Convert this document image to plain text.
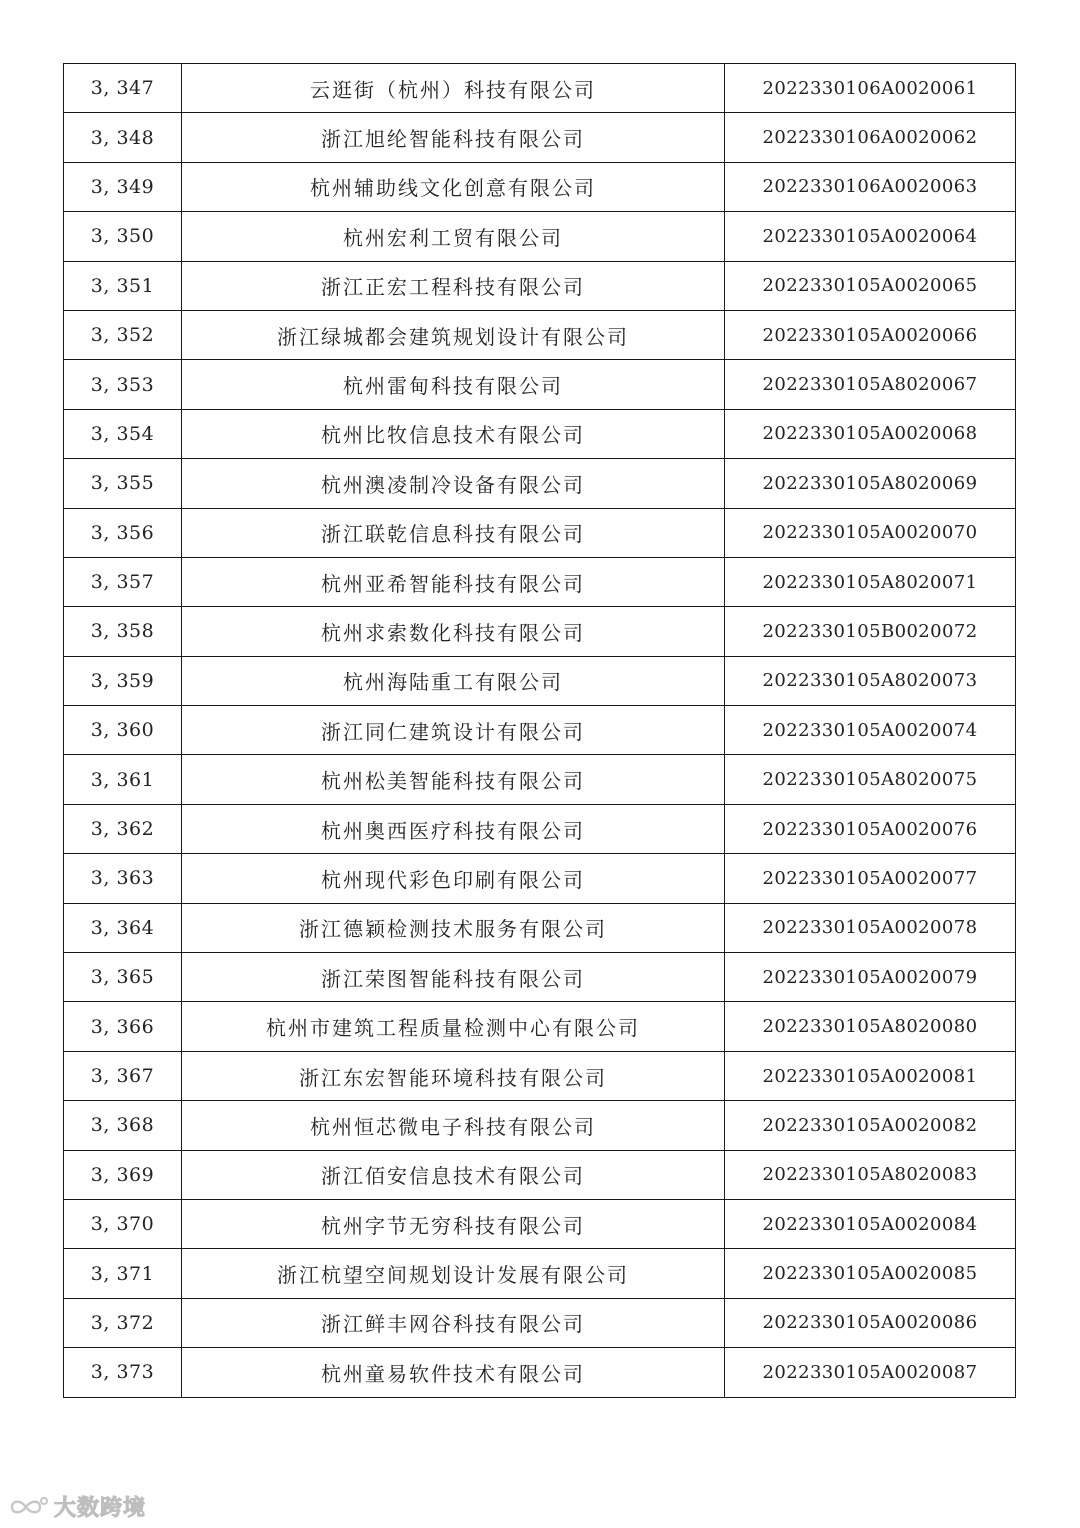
3, 347	云逛街（杭州）科技有限公司	2022330106A0020061
3, 348	浙江旭纶智能科技有限公司	2022330106A0020062
3, 349	杭州辅助线文化创意有限公司	2022330106A0020063
3, 350	杭州宏利工贸有限公司	2022330105A0020064
3, 351	浙江正宏工程科技有限公司	2022330105A0020065
3, 352	浙江绿城都会建筑规划设计有限公司	2022330105A0020066
3, 353	杭州雷甸科技有限公司	2022330105A8020067
3, 354	杭州比牧信息技术有限公司	2022330105A0020068
3, 355	杭州澳凌制冷设备有限公司	2022330105A8020069
3, 356	浙江联乾信息科技有限公司	2022330105A0020070
3, 357	杭州亚希智能科技有限公司	2022330105A8020071
3, 358	杭州求索数化科技有限公司	2022330105B0020072
3, 359	杭州海陆重工有限公司	2022330105A8020073
3, 360	浙江同仁建筑设计有限公司	2022330105A0020074
3, 361	杭州松美智能科技有限公司	2022330105A8020075
3, 362	杭州奥西医疗科技有限公司	2022330105A0020076
3, 363	杭州现代彩色印刷有限公司	2022330105A0020077
3, 364	浙江德颖检测技术服务有限公司	2022330105A0020078
3, 365	浙江荣图智能科技有限公司	2022330105A0020079
3, 366	杭州市建筑工程质量检测中心有限公司	2022330105A8020080
3, 367	浙江东宏智能环境科技有限公司	2022330105A0020081
3, 368	杭州恒芯微电子科技有限公司	2022330105A0020082
3, 369	浙江佰安信息技术有限公司	2022330105A8020083
3, 370	杭州字节无穷科技有限公司	2022330105A0020084
3, 371	浙江杭望空间规划设计发展有限公司	2022330105A0020085
3, 372	浙江鲜丰网谷科技有限公司	2022330105A0020086
3, 373	杭州童易软件技术有限公司	2022330105A0020087
大数跨境
